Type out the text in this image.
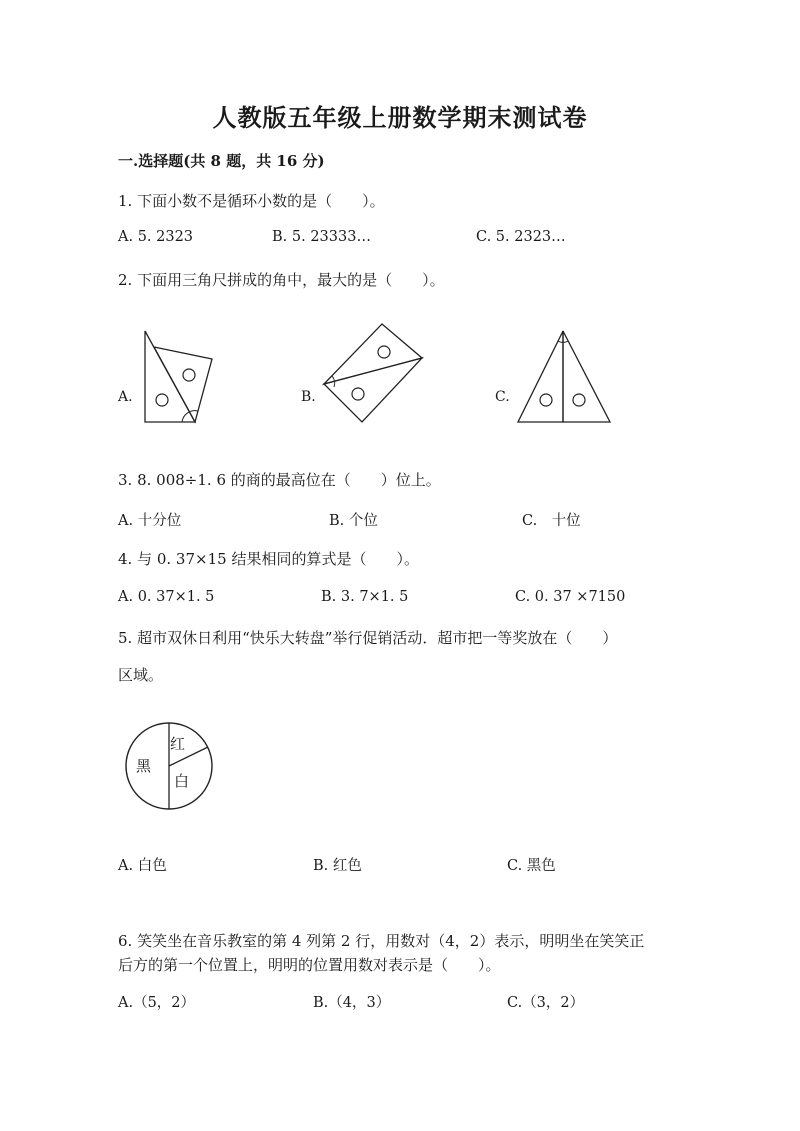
人教版五年级上册数学期末测试卷
一.选择题(共 8 题，共 16 分)
1. 下面小数不是循环小数的是（　　）。
A. 5. 2323	B. 5. 23333…	C. 5. 2323…
2. 下面用三角尺拼成的角中，最大的是（　　）。
A.	B.	C.
3. 8. 008÷1. 6 的商的最高位在（　　）位上。
A. 十分位	B. 个位	C.　十位
4. 与 0. 37×15 结果相同的算式是（　　）。
A. 0. 37×1. 5	B. 3. 7×1. 5	C. 0. 37 ×7150
5. 超市双休日利用“快乐大转盘”举行促销活动．超市把一等奖放在（　　）
区域。
黑
红
白
A. 白色	B. 红色	C. 黑色
6. 笑笑坐在音乐教室的第 4 列第 2 行，用数对（4，2）表示，明明坐在笑笑正
后方的第一个位置上，明明的位置用数对表示是（　　）。
A.（5，2）	B.（4，3）	C.（3，2）
